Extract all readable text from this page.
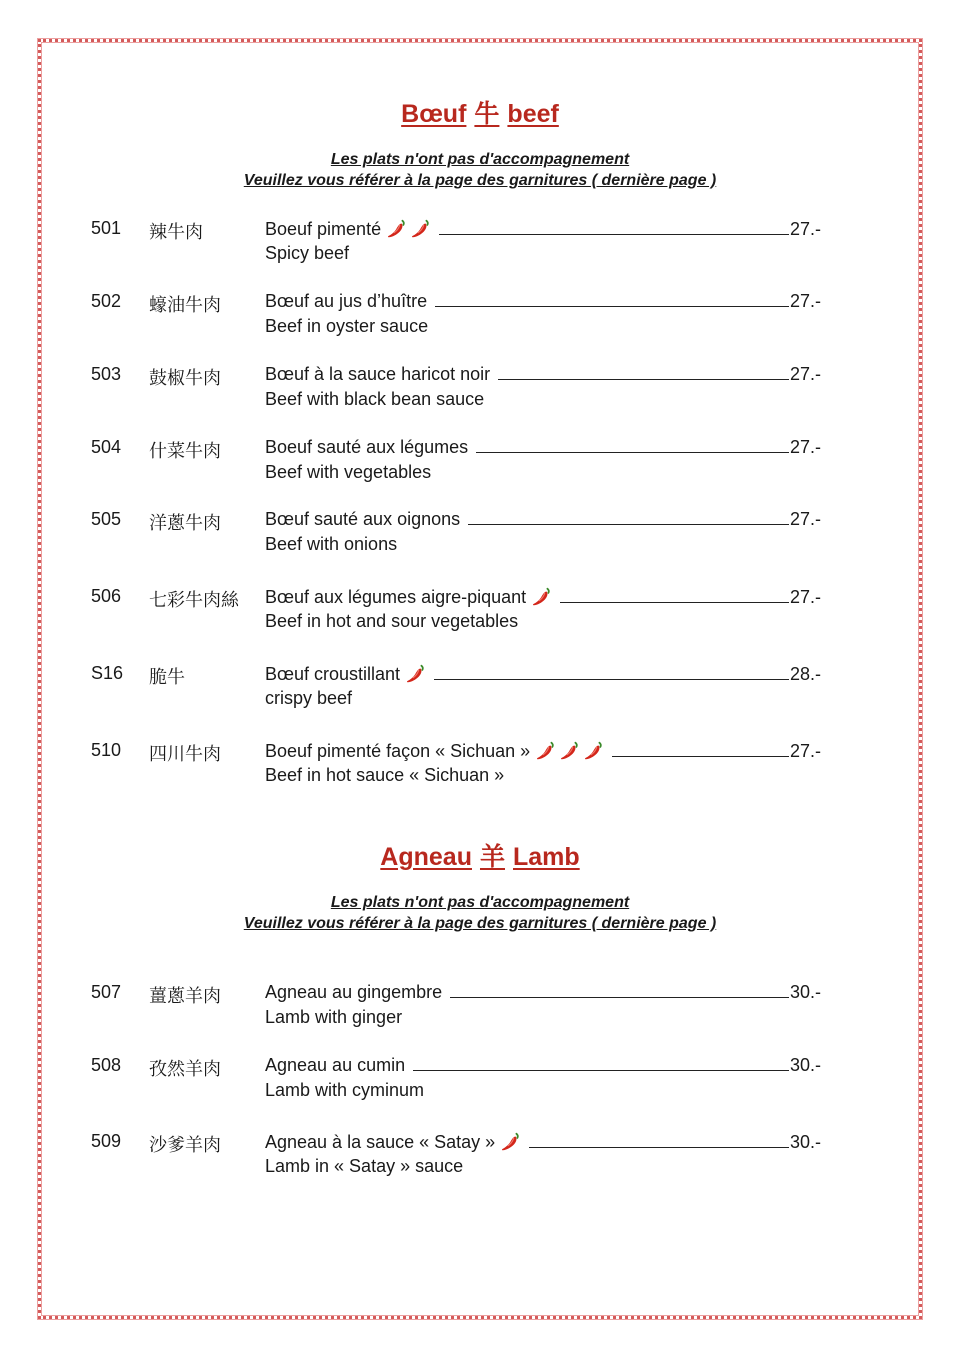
Bœuf 牛 beef
Les plats n'ont pas d'accompagnement
Veuillez vous référer à la page des garnitures ( dernière page )
501 辣牛肉	Boeuf pimenté	27.-
Spicy beef
502 蠔油牛肉 Bœuf au jus d’huître	27.-
Beef in oyster sauce
503 鼓椒牛肉 Bœuf à la sauce haricot noir	27.-
Beef with black bean sauce
504 什菜牛肉 Boeuf sauté aux légumes	27.-
Beef with vegetables
505 洋蔥牛肉 Bœuf sauté aux oignons	27.-
Beef with onions
506 七彩牛肉絲 Bœuf aux légumes aigre-piquant	27.-
Beef in hot and sour vegetables
S16 脆牛	Bœuf croustillant	28.-
crispy beef
510 四川牛肉 Boeuf pimenté façon « Sichuan »	27.-
Beef in hot sauce « Sichuan »
Agneau 羊 Lamb
Les plats n'ont pas d'accompagnement
Veuillez vous référer à la page des garnitures ( dernière page )
507 薑蔥羊肉 Agneau au gingembre	30.-
Lamb with ginger
508 孜然羊肉 Agneau au cumin	30.-
Lamb with cyminum
509 沙爹羊肉 Agneau à la sauce « Satay »	30.-
Lamb in « Satay » sauce
